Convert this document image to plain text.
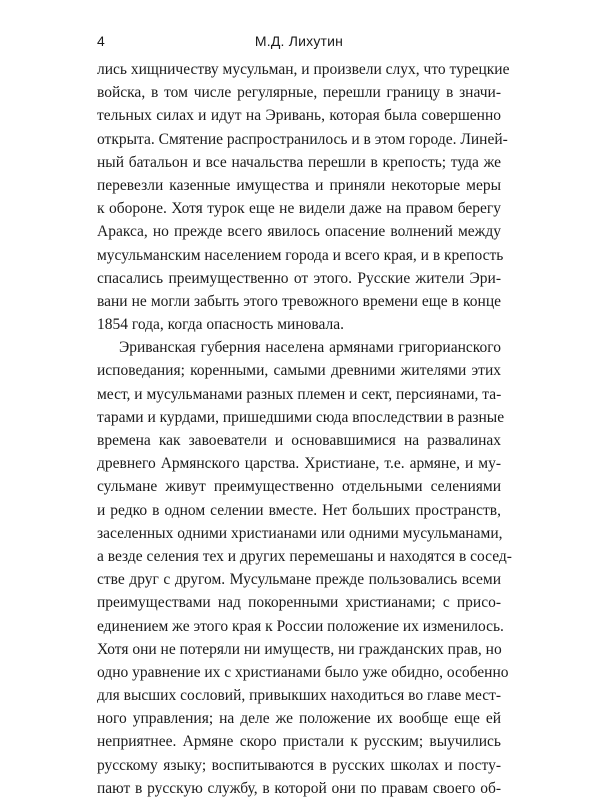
4	М.Д. Лихутин
лись хищничеству мусульман, и произвели слух, что турецкие
войска, в том числе регулярные, перешли границу в значи-
тельных силах и идут на Эривань, которая была совершенно
открыта. Смятение распространилось и в этом городе. Линей-
ный батальон и все начальства перешли в крепость; туда же
перевезли казенные имущества и приняли некоторые меры
к обороне. Хотя турок еще не видели даже на правом берегу
Аракса, но прежде всего явилось опасение волнений между
мусульманским населением города и всего края, и в крепость
спасались преимущественно от этого. Русские жители Эри-
вани не могли забыть этого тревожного времени еще в конце
1854 года, когда опасность миновала.
Эриванская губерния населена армянами григорианского
исповедания; коренными, самыми древними жителями этих
мест, и мусульманами разных племен и сект, персиянами, та-
тарами и курдами, пришедшими сюда впоследствии в разные
времена как завоеватели и основавшимися на развалинах
древнего Армянского царства. Христиане, т.е. армяне, и му-
сульмане живут преимущественно отдельными селениями
и редко в одном селении вместе. Нет больших пространств,
заселенных одними христианами или одними мусульманами,
а везде селения тех и других перемешаны и находятся в сосед-
стве друг с другом. Мусульмане прежде пользовались всеми
преимуществами над покоренными христианами; с присо-
единением же этого края к России положение их изменилось.
Хотя они не потеряли ни имуществ, ни гражданских прав, но
одно уравнение их с христианами было уже обидно, особенно
для высших сословий, привыкших находиться во главе мест-
ного управления; на деле же положение их вообще еще ей
неприятнее. Армяне скоро пристали к русским; выучились
русскому языку; воспитываются в русских школах и посту-
пают в русскую службу, в которой они по правам своего об-
